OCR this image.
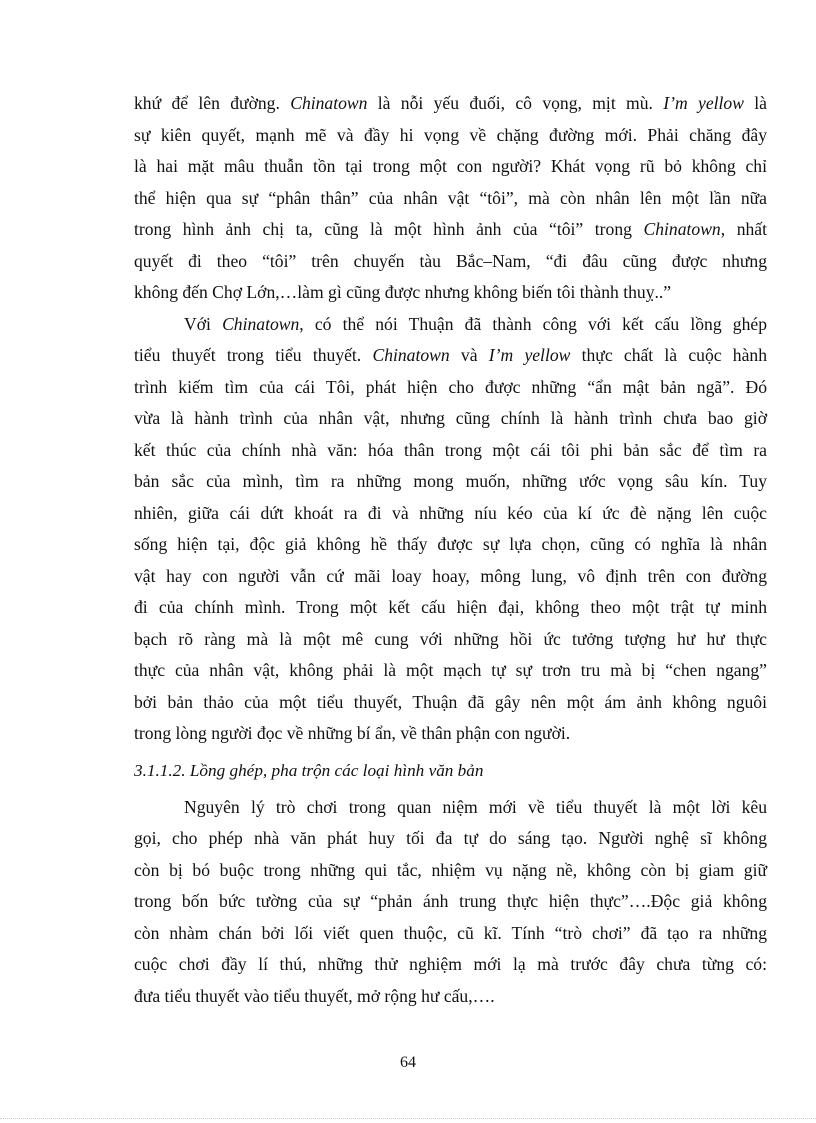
khứ để lên đường. Chinatown là nỗi yếu đuối, cô vọng, mịt mù. I’m yellow là
sự kiên quyết, mạnh mẽ và đầy hi vọng về chặng đường mới. Phải chăng đây
là hai mặt mâu thuẫn tồn tại trong một con người? Khát vọng rũ bỏ không chỉ
thể hiện qua sự “phân thân” của nhân vật “tôi”, mà còn nhân lên một lần nữa
trong hình ảnh chị ta, cũng là một hình ảnh của “tôi” trong Chinatown, nhất
quyết đi theo “tôi” trên chuyến tàu Bắc–Nam, “đi đâu cũng được nhưng
không đến Chợ Lớn,…làm gì cũng được nhưng không biến tôi thành thuỵ..”
Với Chinatown, có thể nói Thuận đã thành công với kết cấu lồng ghép
tiểu thuyết trong tiểu thuyết. Chinatown và I’m yellow thực chất là cuộc hành
trình kiếm tìm của cái Tôi, phát hiện cho được những “ẩn mật bản ngã”. Đó
vừa là hành trình của nhân vật, nhưng cũng chính là hành trình chưa bao giờ
kết thúc của chính nhà văn: hóa thân trong một cái tôi phi bản sắc để tìm ra
bản sắc của mình, tìm ra những mong muốn, những ước vọng sâu kín. Tuy
nhiên, giữa cái dứt khoát ra đi và những níu kéo của kí ức đè nặng lên cuộc
sống hiện tại, độc giả không hề thấy được sự lựa chọn, cũng có nghĩa là nhân
vật hay con người vẫn cứ mãi loay hoay, mông lung, vô định trên con đường
đi của chính mình. Trong một kết cấu hiện đại, không theo một trật tự minh
bạch rõ ràng mà là một mê cung với những hồi ức tưởng tượng hư hư thực
thực của nhân vật, không phải là một mạch tự sự trơn tru mà bị “chen ngang”
bởi bản thảo của một tiểu thuyết, Thuận đã gây nên một ám ảnh không nguôi
trong lòng người đọc về những bí ẩn, về thân phận con người.
3.1.1.2. Lồng ghép, pha trộn các loại hình văn bản
Nguyên lý trò chơi trong quan niệm mới về tiểu thuyết là một lời kêu
gọi, cho phép nhà văn phát huy tối đa tự do sáng tạo. Người nghệ sĩ không
còn bị bó buộc trong những qui tắc, nhiệm vụ nặng nề, không còn bị giam giữ
trong bốn bức tường của sự “phản ánh trung thực hiện thực”….Độc giả không
còn nhàm chán bởi lối viết quen thuộc, cũ kĩ. Tính “trò chơi” đã tạo ra những
cuộc chơi đầy lí thú, những thử nghiệm mới lạ mà trước đây chưa từng có:
đưa tiểu thuyết vào tiểu thuyết, mở rộng hư cấu,….
64
